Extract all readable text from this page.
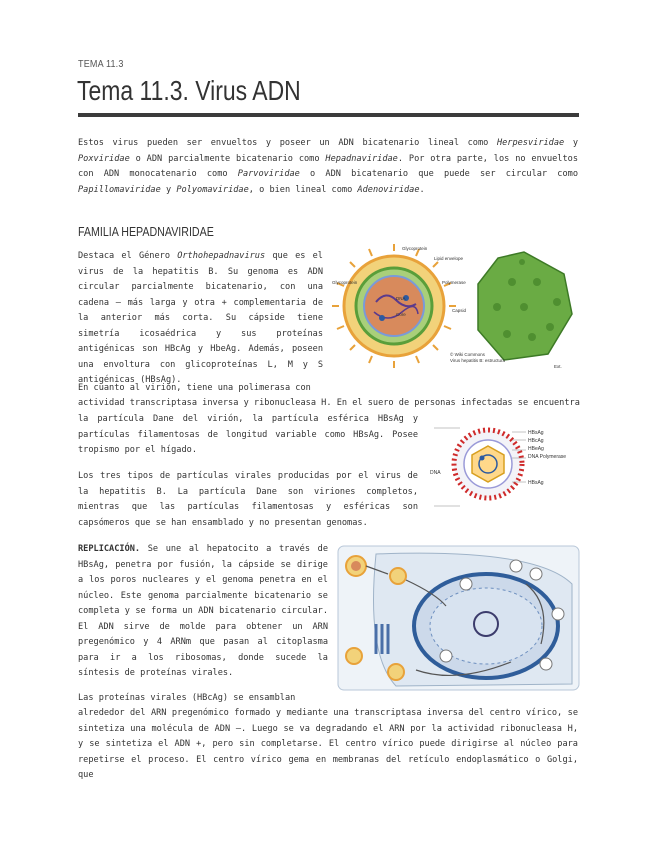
TEMA 11.3
Tema 11.3. Virus ADN

Estos virus pueden ser envueltos y poseer un ADN bicatenario lineal como Herpesviridae y Poxviridae o ADN parcialmente bicatenario como Hepadnaviridae. Por otra parte, los no envueltos con ADN monocatenario como Parvoviridae o ADN bicatenario que puede ser circular como Papillomaviridae y Polyomaviridae, o bien lineal como Adenoviridae.

FAMILIA HEPADNAVIRIDAE

Destaca el Género Orthohepadnavirus que es el virus de la hepatitis B. Su genoma es ADN circular parcialmente bicatenario, con una cadena – más larga y otra + complementaria de la anterior más corta. Su cápside tiene simetría icosaédrica y sus proteínas antigénicas son HBcAg y HbeAg. Además, poseen una envoltura con glicoproteínas L, M y S antigénicas (HBsAg).

Glycoprotein
Lipid envelope
Polymerase
Glycoprotein
Capsid
DNA
Core
© Wiki Commons
Virus hepatitis B: estructura
Ext.

En cuanto al virión, tiene una polimerasa con

actividad transcriptasa inversa y ribonucleasa H. En el suero de personas infectadas se encuentra

la partícula Dane del virión, la partícula esférica HBsAg y partículas filamentosas de longitud variable como HBsAg. Posee tropismo por el hígado.

HBsAg
HBcAg
HBeAg
DNA Polymerase
DNA
HBsAg

Los tres tipos de partículas virales producidas por el virus de la hepatitis B. La partícula Dane son viriones completos, mientras que las partículas filamentosas y esféricas son capsómeros que se han ensamblado y no presentan genomas.

REPLICACIÓN. Se une al hepatocito a través de HBsAg, penetra por fusión, la cápside se dirige a los poros nucleares y el genoma penetra en el núcleo. Este genoma parcialmente bicatenario se completa y se forma un ADN bicatenario circular. El ADN sirve de molde para obtener un ARN pregenómico y 4 ARNm que pasan al citoplasma para ir a los ribosomas, donde sucede la síntesis de proteínas virales.

Las proteínas virales (HBcAg) se ensamblan

alrededor del ARN pregenómico formado y mediante una transcriptasa inversa del centro vírico, se sintetiza una molécula de ADN –. Luego se va degradando el ARN por la actividad ribonucleasa H, y se sintetiza el ADN +, pero sin completarse. El centro vírico puede dirigirse al núcleo para repetirse el proceso. El centro vírico gema en membranas del retículo endoplasmático o Golgi, que
